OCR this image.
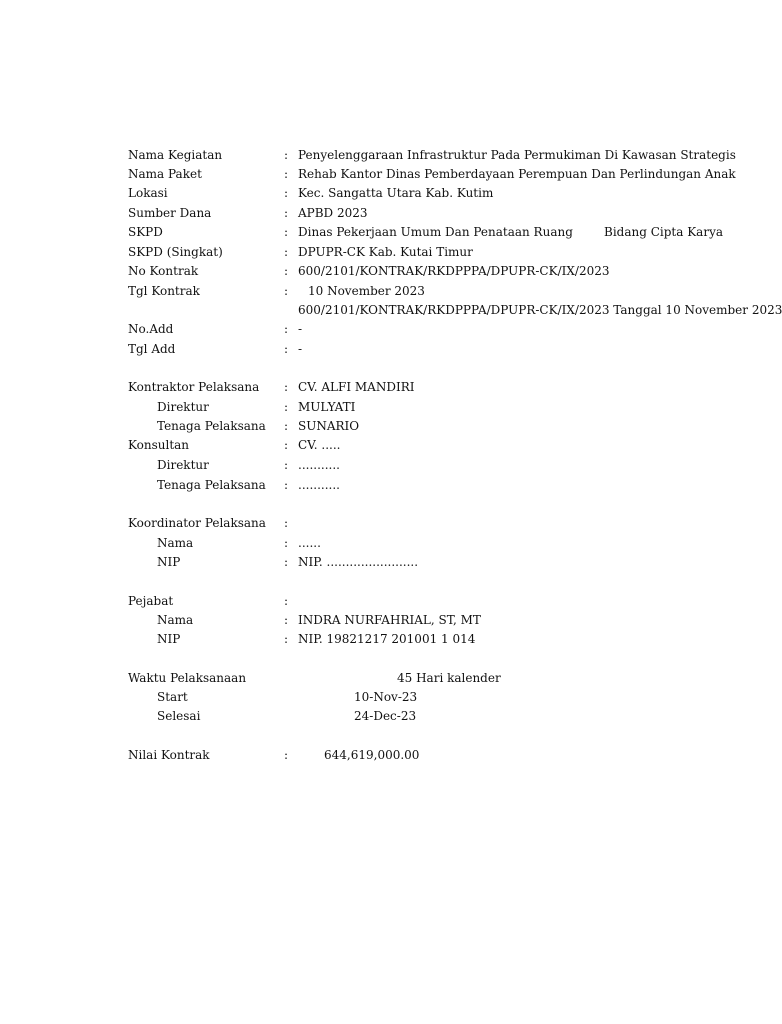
Nama Kegiatan	: Penyelenggaraan Infrastruktur Pada Permukiman Di Kawasan Strategis
Nama Paket	: Rehab Kantor Dinas Pemberdayaan Perempuan Dan Perlindungan Anak
Lokasi	: Kec. Sangatta Utara Kab. Kutim
Sumber Dana	: APBD 2023
SKPD	: Dinas Pekerjaan Umum Dan Penataan Ruang	Bidang Cipta Karya
SKPD (Singkat)	: DPUPR-CK Kab. Kutai Timur
No Kontrak	: 600/2101/KONTRAK/RKDPPPA/DPUPR-CK/IX/2023
Tgl Kontrak	: 10 November 2023
600/2101/KONTRAK/RKDPPPA/DPUPR-CK/IX/2023 Tanggal 10 November 2023
No.Add	: -
Tgl Add	: -
Kontraktor Pelaksana : CV. ALFI MANDIRI
Direktur	: MULYATI
Tenaga Pelaksana : SUNARIO
Konsultan	: CV. .....
Direktur	: ...........
Tenaga Pelaksana : ...........
Koordinator Pelaksana :
Nama	: ......
NIP	: NIP. ........................
Pejabat	:
Nama	: INDRA NURFAHRIAL, ST, MT
NIP	: NIP. 19821217 201001 1 014
Waktu Pelaksanaan	45 Hari kalender
Start	10-Nov-23
Selesai	24-Dec-23
Nilai Kontrak	:	644,619,000.00
